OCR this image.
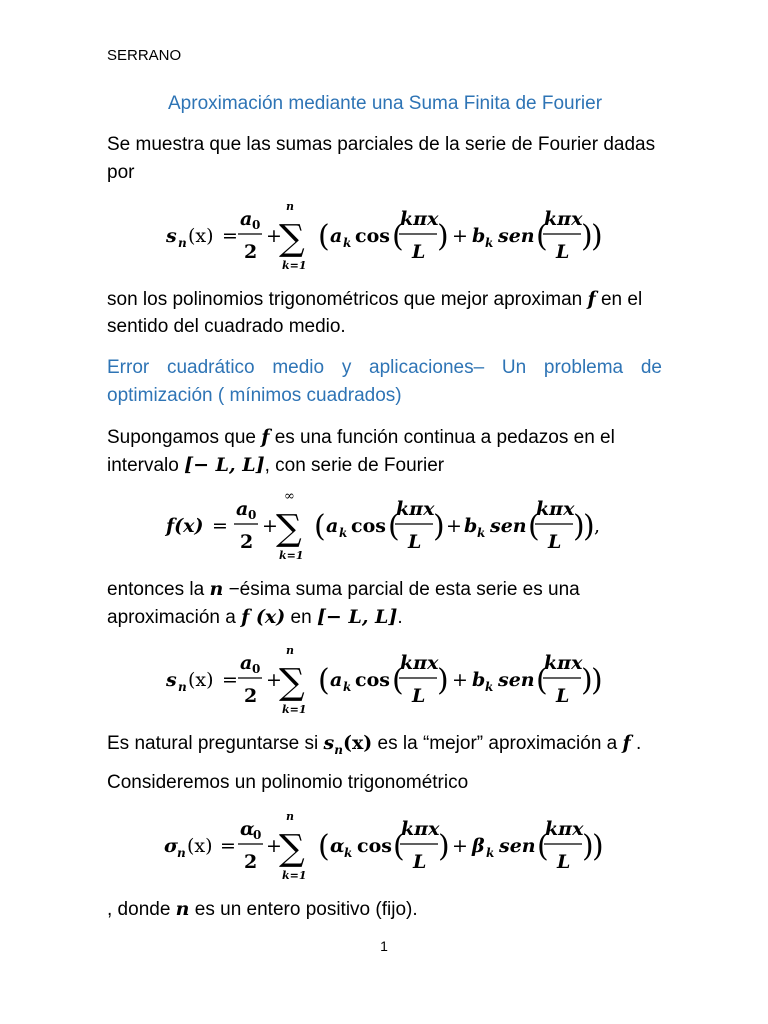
SERRANO
Aproximación mediante una Suma Finita de Fourier
Se muestra que las sumas parciales de la serie de Fourier dadas
por
s n (x) =
a 0
2
+
n
∑
k=1
( a k cos (
kπx
L ) + b k sen (
kπx
L )
)
son los polinomios trigonométricos que mejor aproximan f en el
sentido del cuadrado medio.
Error cuadrático medio y aplicaciones– Un problema de
optimización ( mínimos cuadrados)
Supongamos que f es una función continua a pedazos en el
intervalo [− L, L], con serie de Fourier
f(x) =
a 0
2
+
∞
∑
k=1
( a k cos (
kπx
L ) + b k sen (
kπx
L )
) ,
entonces la n −ésima suma parcial de esta serie es una
aproximación a f (x) en [− L, L].
s n (x) =
a 0
2
+
n
∑
k=1
( a k cos (
kπx
L ) + b k sen (
kπx
L )
)
Es natural preguntarse si $s_n(x)$ es la “mejor” aproximación a f .
Consideremos un polinomio trigonométrico
σ
n (x) =
α
0
2
+
n
∑
k=1
( α k cos (
kπx
L ) + β k sen (
kπx
L )
)
, donde n es un entero positivo (fijo).
1
